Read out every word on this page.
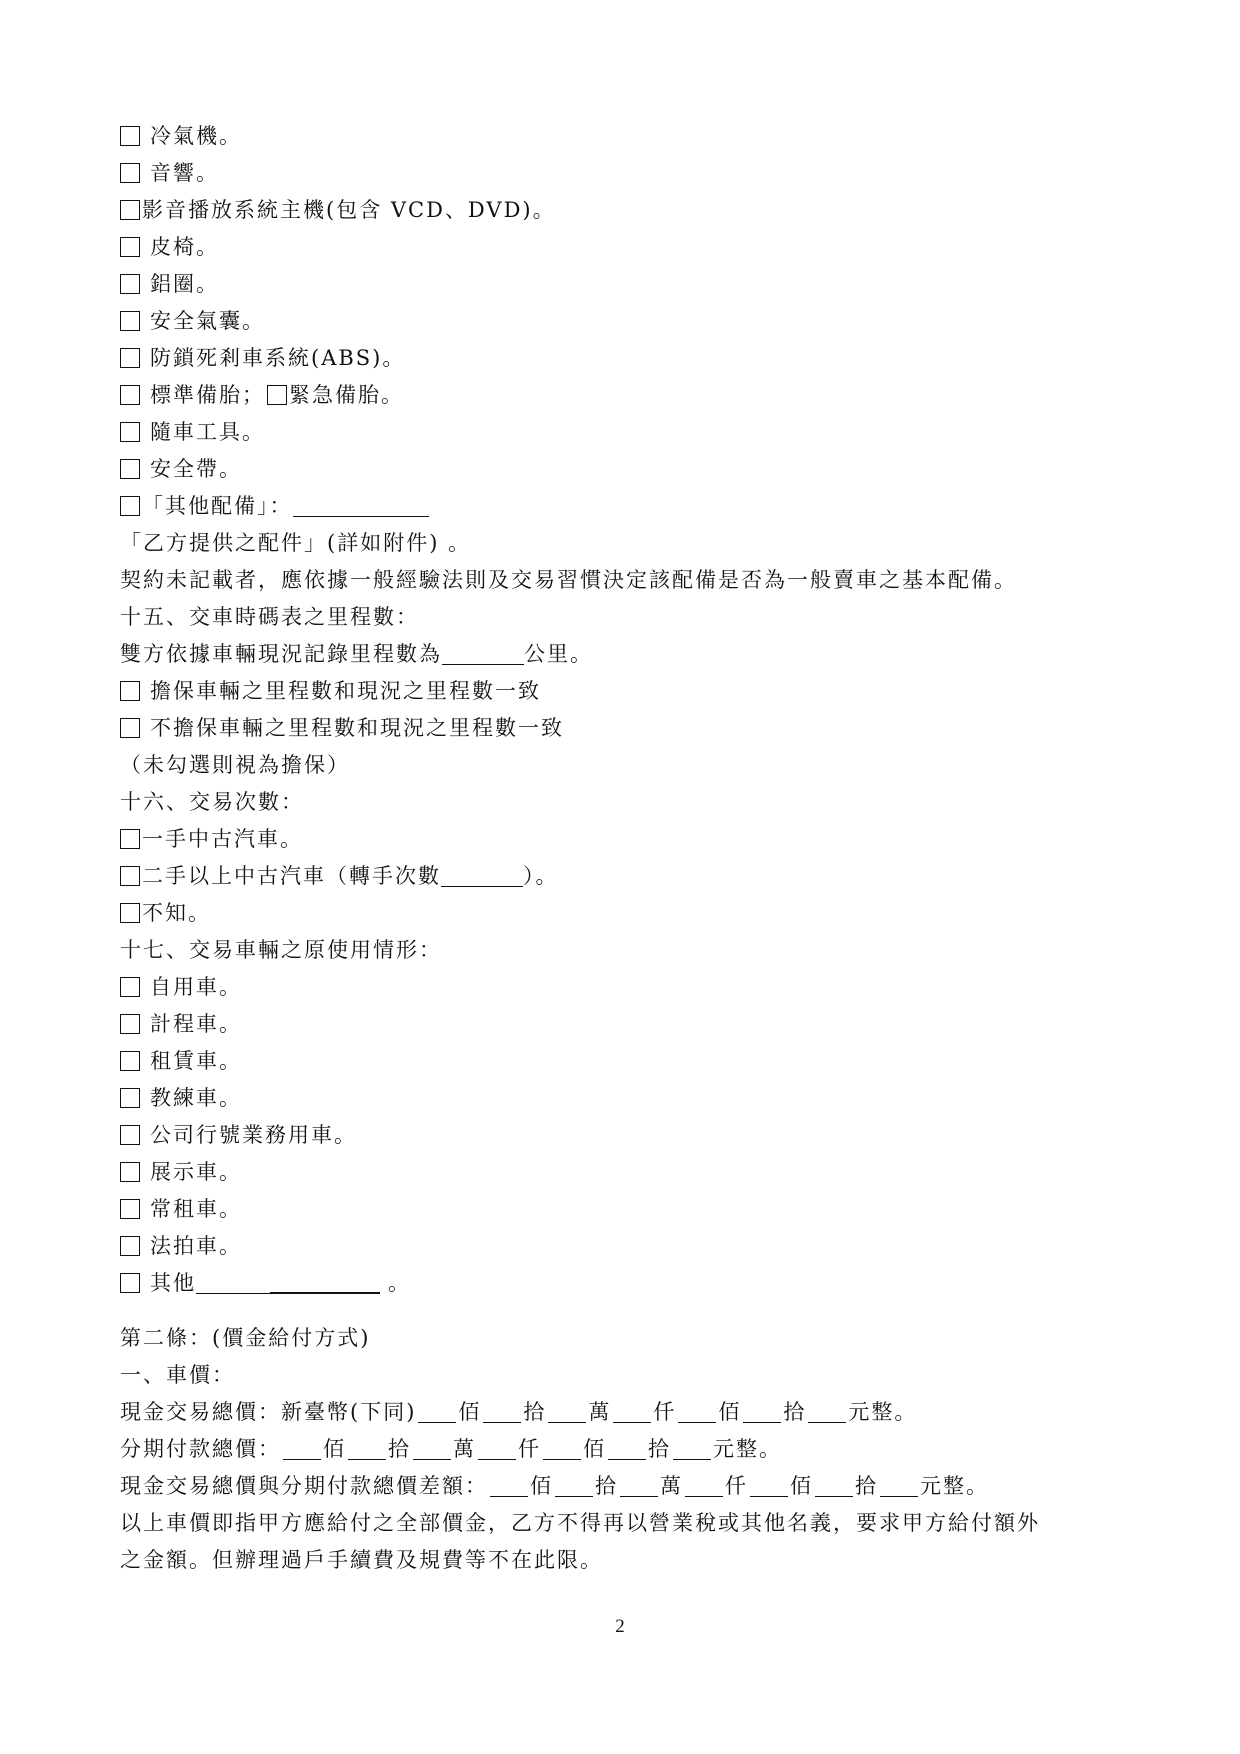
冷氣機。
音響。
影音播放系統主機(包含 VCD、DVD)。
皮椅。
鋁圈。
安全氣囊。
防鎖死剎車系統(ABS)。
標準備胎； 緊急備胎。
隨車工具。
安全帶。
「其他配備」：
「乙方提供之配件」(詳如附件) 。
契約未記載者，應依據一般經驗法則及交易習慣決定該配備是否為一般賣車之基本配備。
十五、交車時碼表之里程數：
雙方依據車輛現況記錄里程數為	公里。
擔保車輛之里程數和現況之里程數一致
不擔保車輛之里程數和現況之里程數一致
（未勾選則視為擔保）
十六、交易次數：
一手中古汽車。
二手以上中古汽車（轉手次數	）。
不知。
十七、交易車輛之原使用情形：
自用車。
計程車。
租賃車。
教練車。
公司行號業務用車。
展示車。
常租車。
法拍車。
其他	。
第二條：(價金給付方式)
一、車價：
現金交易總價：新臺幣(下同) 佰 拾 萬 仟 佰 拾 元整。
分期付款總價： 佰 拾 萬 仟 佰 拾 元整。
現金交易總價與分期付款總價差額： 佰 拾 萬 仟 佰 拾 元整。
以上車價即指甲方應給付之全部價金，乙方不得再以營業稅或其他名義，要求甲方給付額外
之金額。但辦理過戶手續費及規費等不在此限。
2
